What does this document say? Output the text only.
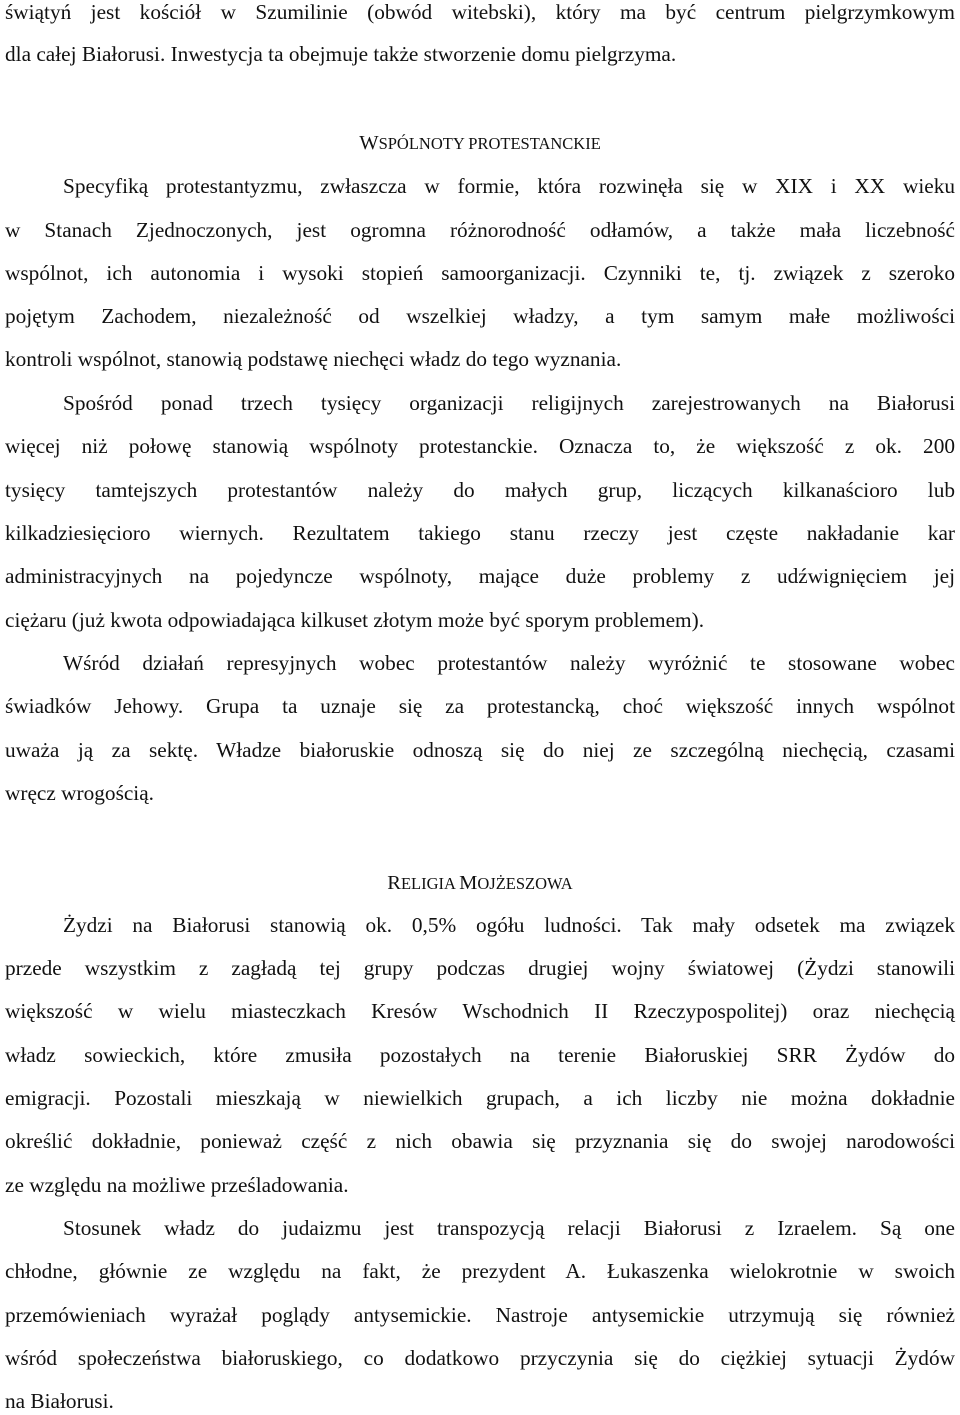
świątyń jest kościół w Szumilinie (obwód witebski), który ma być centrum pielgrzymkowym
dla całej Białorusi. Inwestycja ta obejmuje także stworzenie domu pielgrzyma.
WSPÓLNOTY PROTESTANCKIE
Specyfiką protestantyzmu, zwłaszcza w formie, która rozwinęła się w XIX i XX wieku
w Stanach Zjednoczonych, jest ogromna różnorodność odłamów, a także mała liczebność
wspólnot, ich autonomia i wysoki stopień samoorganizacji. Czynniki te, tj. związek z szeroko
pojętym Zachodem, niezależność od wszelkiej władzy, a tym samym małe możliwości
kontroli wspólnot, stanowią podstawę niechęci władz do tego wyznania.
Spośród ponad trzech tysięcy organizacji religijnych zarejestrowanych na Białorusi
więcej niż połowę stanowią wspólnoty protestanckie. Oznacza to, że większość z ok. 200
tysięcy tamtejszych protestantów należy do małych grup, liczących kilkanaścioro lub
kilkadziesięcioro wiernych. Rezultatem takiego stanu rzeczy jest częste nakładanie kar
administracyjnych na pojedyncze wspólnoty, mające duże problemy z udźwignięciem jej
ciężaru (już kwota odpowiadająca kilkuset złotym może być sporym problemem).
Wśród działań represyjnych wobec protestantów należy wyróżnić te stosowane wobec
świadków Jehowy. Grupa ta uznaje się za protestancką, choć większość innych wspólnot
uważa ją za sektę. Władze białoruskie odnoszą się do niej ze szczególną niechęcią, czasami
wręcz wrogością.
RELIGIA MOJŻESZOWA
Żydzi na Białorusi stanowią ok. 0,5% ogółu ludności. Tak mały odsetek ma związek
przede wszystkim z zagładą tej grupy podczas drugiej wojny światowej (Żydzi stanowili
większość w wielu miasteczkach Kresów Wschodnich II Rzeczypospolitej) oraz niechęcią
władz sowieckich, które zmusiła pozostałych na terenie Białoruskiej SRR Żydów do
emigracji. Pozostali mieszkają w niewielkich grupach, a ich liczby nie można dokładnie
określić dokładnie, ponieważ część z nich obawia się przyznania się do swojej narodowości
ze względu na możliwe prześladowania.
Stosunek władz do judaizmu jest transpozycją relacji Białorusi z Izraelem. Są one
chłodne, głównie ze względu na fakt, że prezydent A. Łukaszenka wielokrotnie w swoich
przemówieniach wyrażał poglądy antysemickie. Nastroje antysemickie utrzymują się również
wśród społeczeństwa białoruskiego, co dodatkowo przyczynia się do ciężkiej sytuacji Żydów
na Białorusi.
